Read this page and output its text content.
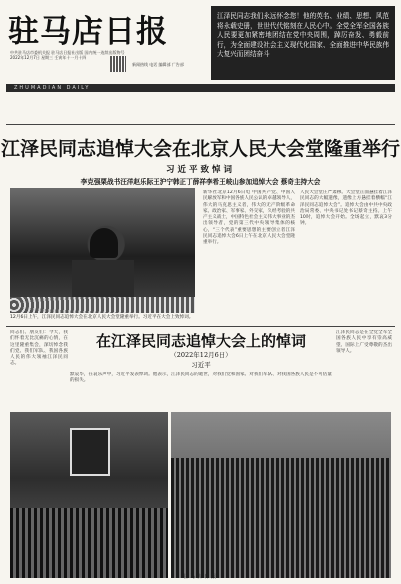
驻马店日报
中共驻马店市委机关报 驻马店日报社出版 国内统一连续出版物号 2022年12月7日 星期三 壬寅年十一月十四
新闻热线 电话 编辑部 广告部
ZHUMADIAN DAILY
江泽民同志我们永远怀念您！他的英名、业绩、思想、风范将永载史册，世世代代铭刻在人民心中。全党全军全国各族人民要更加紧密地团结在党中央周围，踔厉奋发、勇毅前行，为全面建设社会主义现代化国家、全面推进中华民族伟大复兴而团结奋斗
江泽民同志追悼大会在北京人民大会堂隆重举行
习近平致悼词
李克强栗战书汪洋赵乐际王沪宁韩正丁薛祥李希王岐山参加追悼大会 蔡奇主持大会
12月6日上午，江泽民同志追悼大会在北京人民大会堂隆重举行。习近平在大会上致悼词。
新华社北京12月6日电 中国共产党、中国人民解放军和中国各族人民公认的卓越领导人，伟大的马克思主义者，伟大的无产阶级革命家、政治家、军事家、外交家，久经考验的共产主义战士，中国特色社会主义伟大事业的杰出领导者，党的第三代中央领导集体的核心，“三个代表”重要思想的主要创立者江泽民同志追悼大会6日上午在北京人民大会堂隆重举行。
人民大会堂庄严肃穆。大会堂正面悬挂着江泽民同志的大幅遗像，遗像上方悬挂着横幅“江泽民同志追悼大会”。追悼大会由中共中央政治局常委、中央书记处书记蔡奇主持。上午10时，追悼大会开始。全场起立，默哀3分钟。
同志们、朋友们：今天，我们怀着无比沉痛的心情，在这里隆重集会，深切悼念我们党、我们军队、我国各族人民的伟大领袖江泽民同志。
在江泽民同志追悼大会上的悼词
（2022年12月6日）
习近平
默哀毕，在哀乐声中，习近平发表悼词。他表示，江泽民同志的逝世，对我们党和国家、对我们军队、对我国各族人民是不可估量的损失。
江泽民同志是在全党全军全国各族人民中享有崇高威望、国际上广受尊敬的杰出领导人。
驻马店日报
